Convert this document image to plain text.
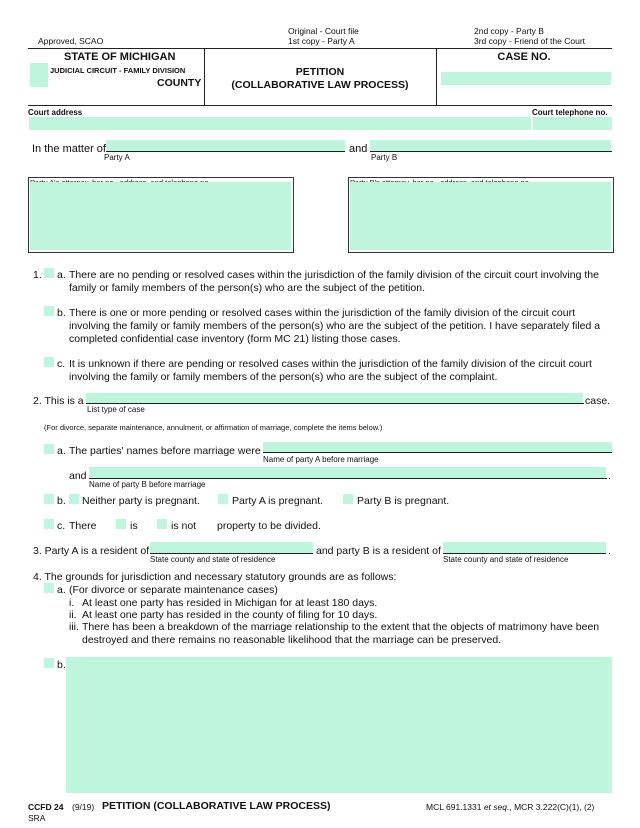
Approved, SCAO
Original - Court file
1st copy - Party A
2nd copy - Party B
3rd copy - Friend of the Court
STATE OF MICHIGAN
JUDICIAL CIRCUIT - FAMILY DIVISION
COUNTY
PETITION
(COLLABORATIVE LAW PROCESS)
CASE NO.
Court address	Court telephone no.
In the matter of
Party A
and
Party B
1. a. There are no pending or resolved cases within the jurisdiction of the family division of the circuit court involving the family or family members of the person(s) who are the subject of the petition.
b. There is one or more pending or resolved cases within the jurisdiction of the family division of the circuit court involving the family or family members of the person(s) who are the subject of the petition. I have separately filed a completed confidential case inventory (form MC 21) listing those cases.
c. It is unknown if there are pending or resolved cases within the jurisdiction of the family division of the circuit court involving the family or family members of the person(s) who are the subject of the complaint.
2. This is a	case.
List type of case
(For divorce, separate maintenance, annulment, or affirmation of marriage, complete the items below.)
a. The parties' names before marriage were
Name of party A before marriage
and	.
Name of party B before marriage
b. Neither party is pregnant.	Party A is pregnant.	Party B is pregnant.
c. There	is	is not property to be divided.
3. Party A is a resident of
State county and state of residence
and party B is a resident of
State county and state of residence
.
4. The grounds for jurisdiction and necessary statutory grounds are as follows:
a. (For divorce or separate maintenance cases)
i. At least one party has resided in Michigan for at least 180 days.
ii. At least one party has resided in the county of filing for 10 days.
iii. There has been a breakdown of the marriage relationship to the extent that the objects of matrimony have been destroyed and there remains no reasonable likelihood that the marriage can be preserved.
b.
CCFD 24 (9/19) PETITION (COLLABORATIVE LAW PROCESS)	MCL 691.1331 et seq., MCR 3.222(C)(1), (2)
SRA
